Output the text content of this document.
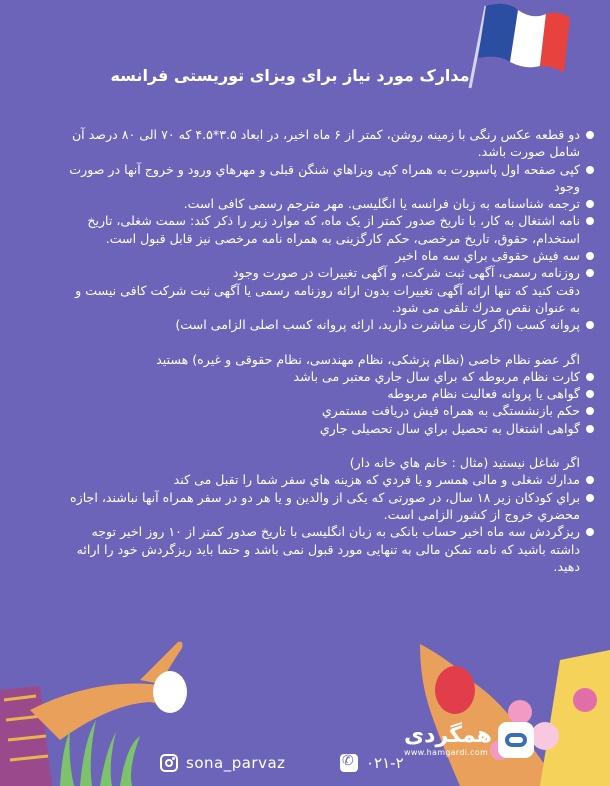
مدارک مورد نیاز برای ویزای توریستی فرانسه
دو قطعه عکس رنگی با زمینه روشن، کمتر از ۶ ماه اخیر، در ابعاد ۳.۵*۴.۵ که ۷۰ الی ۸۰ درصد آن شامل صورت باشد.
کپی صفحه اول پاسپورت به همراه کپی ویزاهاي شنگن قبلی و مهرهاي ورود و خروج آنها در صورت وجود
ترجمه شناسنامه به زبان فرانسه یا انگلیسی. مهر مترجم رسمی کافی است.
نامه اشتغال به کار، با تاریخ صدور کمتر از یک ماه، که موارد زیر را ذکر کند: سمت شغلی، تاریخ استخدام، حقوق، تاریخ مرخصی، حکم کارگزینی به همراه نامه مرخصی نیز قابل قبول است.
سه فیش حقوقی براي سه ماه اخیر
روزنامه رسمی، آگهی ثبت شرکت، و آگهی تغییرات در صورت وجود
دقت کنید که تنها ارائه آگهی تغییرات بدون ارائه روزنامه رسمی یا آگهی ثبت شرکت کافی نیست و به عنوان نقص مدرك تلقی می شود.
پروانه کسب (اگر کارت مباشرت دارید، ارائه پروانه کسب اصلی الزامی است)
اگر عضو نظام خاصی (نظام پزشکی، نظام مهندسی، نظام حقوقی و غیره) هستید
کارت نظام مربوطه که براي سال جاري معتبر می باشد
گواهی یا پروانه فعالیت نظام مربوطه
حکم بازنشستگی به همراه فیش دریافت مستمري
گواهی اشتغال به تحصیل براي سال تحصیلی جاري
اگر شاغل نیستید (مثال : خانم هاي خانه دار)
مدارك شغلی و مالی همسر و یا فردي که هزینه هاي سفر شما را تقبل می کند
براي کودکان زیر ۱۸ سال، در صورتی که یکی از والدین و یا هر دو در سفر همراه آنها نباشند، اجازه محضري خروج از کشور الزامی است.
ریزگردش سه ماه اخیر حساب بانکی به زبان انگلیسی با تاریخ صدور کمتر از ۱۰ روز اخیر توجه داشته باشید که نامه تمکن مالی به تنهایی مورد قبول نمی باشد و حتما باید ریزگردش خود را ارائه دهید.
sona_parvaz
✆	۰۲۱-۲
همگردی
www.hamgardi.com
